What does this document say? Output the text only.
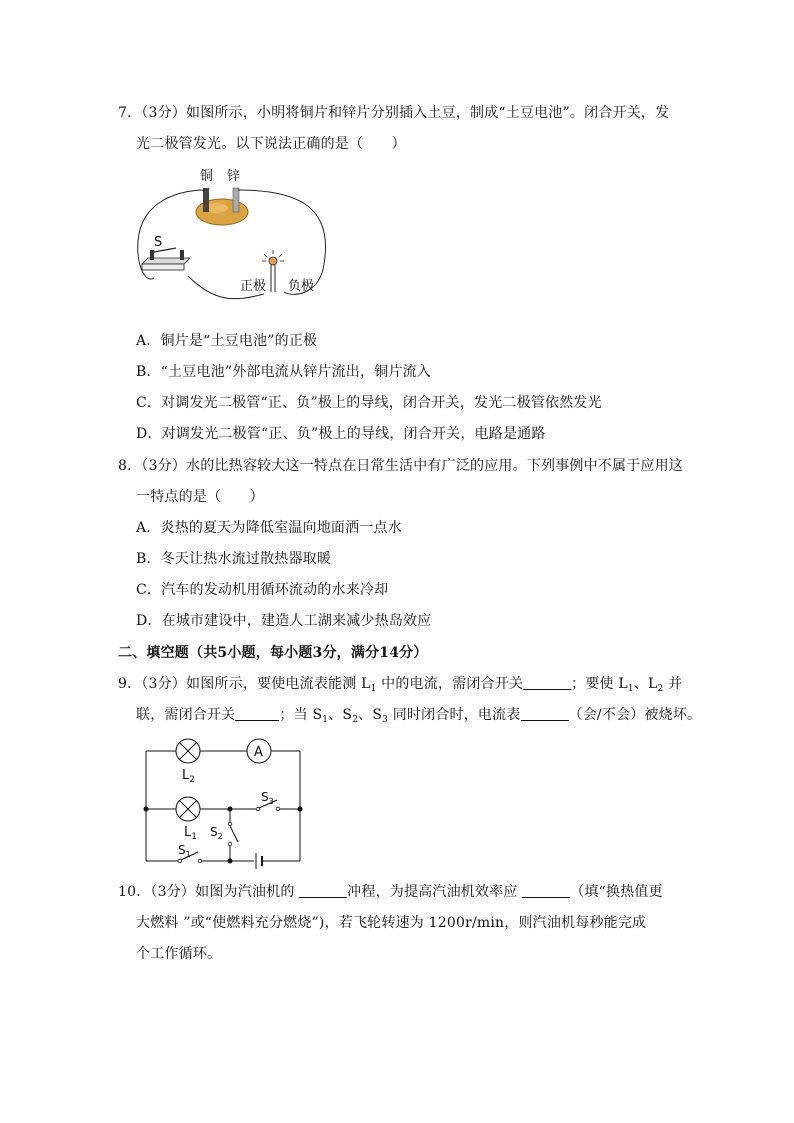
7．（3分）如图所示，小明将铜片和锌片分别插入土豆，制成“土豆电池”。闭合开关，发
光二极管发光。以下说法正确的是（　　）
铜 锌
S
正极 负极
A．铜片是“土豆电池”的正极
B．“土豆电池”外部电流从锌片流出，铜片流入
C．对调发光二极管“正、负”极上的导线，闭合开关，发光二极管依然发光
D．对调发光二极管“正、负”极上的导线，闭合开关，电路是通路
8．（3分）水的比热容较大这一特点在日常生活中有广泛的应用。下列事例中不属于应用这
一特点的是（　　）
A．炎热的夏天为降低室温向地面洒一点水
B．冬天让热水流过散热器取暖
C．汽车的发动机用循环流动的水来冷却
D．在城市建设中，建造人工湖来减少热岛效应
二、填空题（共5小题，每小题3分，满分14分）
9．（3分）如图所示，要使电流表能测 $L_1$ 中的电流，需闭合开关	；要使 $L_1$、$L_2$ 并
联，需闭合开关	；当 $S_1$、$S_2$、$S_3$ 同时闭合时，电流表	（会/不会）被烧坏。
$L_2$
A
$L_1$
$S_3$
$S_2$
$S_1$
10．（3分）如图为汽油机的	冲程，为提高汽油机效率应	（填“换热值更
大燃料 ”或“使燃料充分燃烧”)，若飞轮转速为 1200r/min，则汽油机每秒能完成
个工作循环。
